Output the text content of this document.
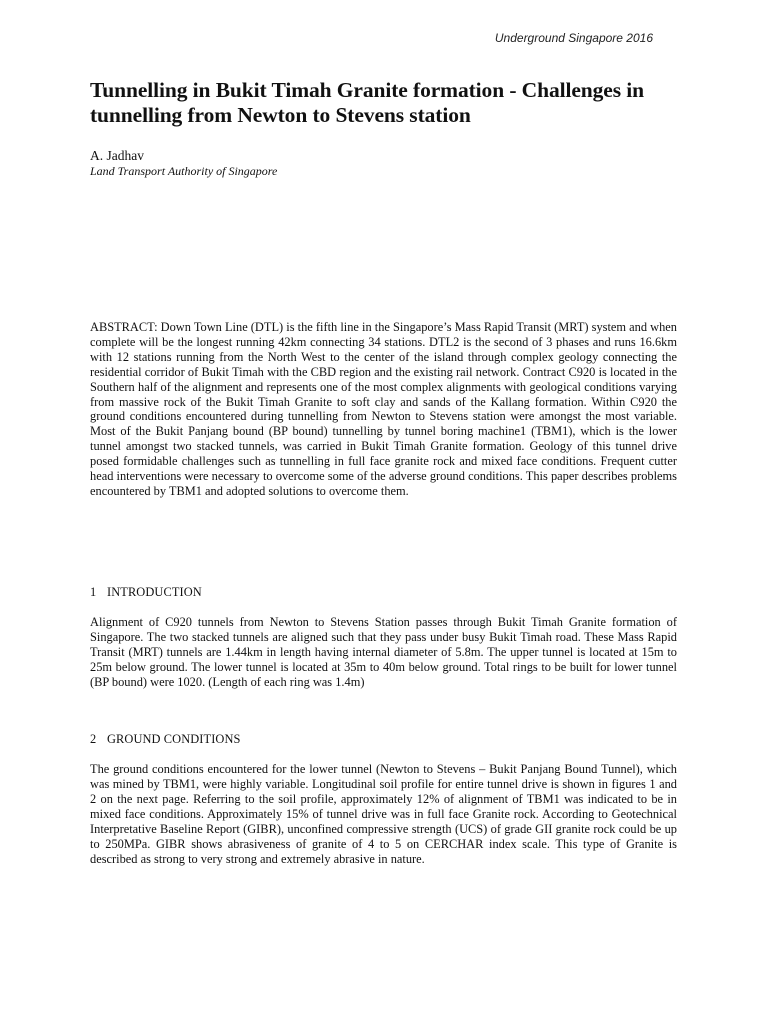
Underground Singapore 2016
Tunnelling in Bukit Timah Granite formation - Challenges in tunnelling from Newton to Stevens station
A. Jadhav
Land Transport Authority of Singapore

ABSTRACT: Down Town Line (DTL) is the fifth line in the Singapore’s Mass Rapid Transit (MRT) system and when complete will be the longest running 42km connecting 34 stations. DTL2 is the second of 3 phases and runs 16.6km with 12 stations running from the North West to the center of the island through complex geology connecting the residential corridor of Bukit Timah with the CBD region and the existing rail network. Contract C920 is located in the Southern half of the alignment and represents one of the most complex alignments with geological conditions varying from massive rock of the Bukit Timah Granite to soft clay and sands of the Kallang formation. Within C920 the ground conditions encountered during tunnelling from Newton to Stevens station were amongst the most variable. Most of the Bukit Panjang bound (BP bound) tunnelling by tunnel boring machine1 (TBM1), which is the lower tunnel amongst two stacked tunnels, was carried in Bukit Timah Granite formation. Geology of this tunnel drive posed formidable challenges such as tunnelling in full face granite rock and mixed face conditions. Frequent cutter head interventions were necessary to overcome some of the adverse ground conditions. This paper describes problems encountered by TBM1 and adopted solutions to overcome them.

1 INTRODUCTION

Alignment of C920 tunnels from Newton to Stevens Station passes through Bukit Timah Granite formation of Singapore. The two stacked tunnels are aligned such that they pass under busy Bukit Timah road. These Mass Rapid Transit (MRT) tunnels are 1.44km in length having internal diameter of 5.8m. The upper tunnel is located at 15m to 25m below ground. The lower tunnel is located at 35m to 40m below ground. Total rings to be built for lower tunnel (BP bound) were 1020. (Length of each ring was 1.4m)

2 GROUND CONDITIONS

The ground conditions encountered for the lower tunnel (Newton to Stevens – Bukit Panjang Bound Tunnel), which was mined by TBM1, were highly variable. Longitudinal soil profile for entire tunnel drive is shown in figures 1 and 2 on the next page. Referring to the soil profile, approximately 12% of alignment of TBM1 was indicated to be in mixed face conditions. Approximately 15% of tunnel drive was in full face Granite rock. According to Geotechnical Interpretative Baseline Report (GIBR), unconfined compressive strength (UCS) of grade GII granite rock could be up to 250MPa. GIBR shows abrasiveness of granite of 4 to 5 on CERCHAR index scale. This type of Granite is described as strong to very strong and extremely abrasive in nature.
